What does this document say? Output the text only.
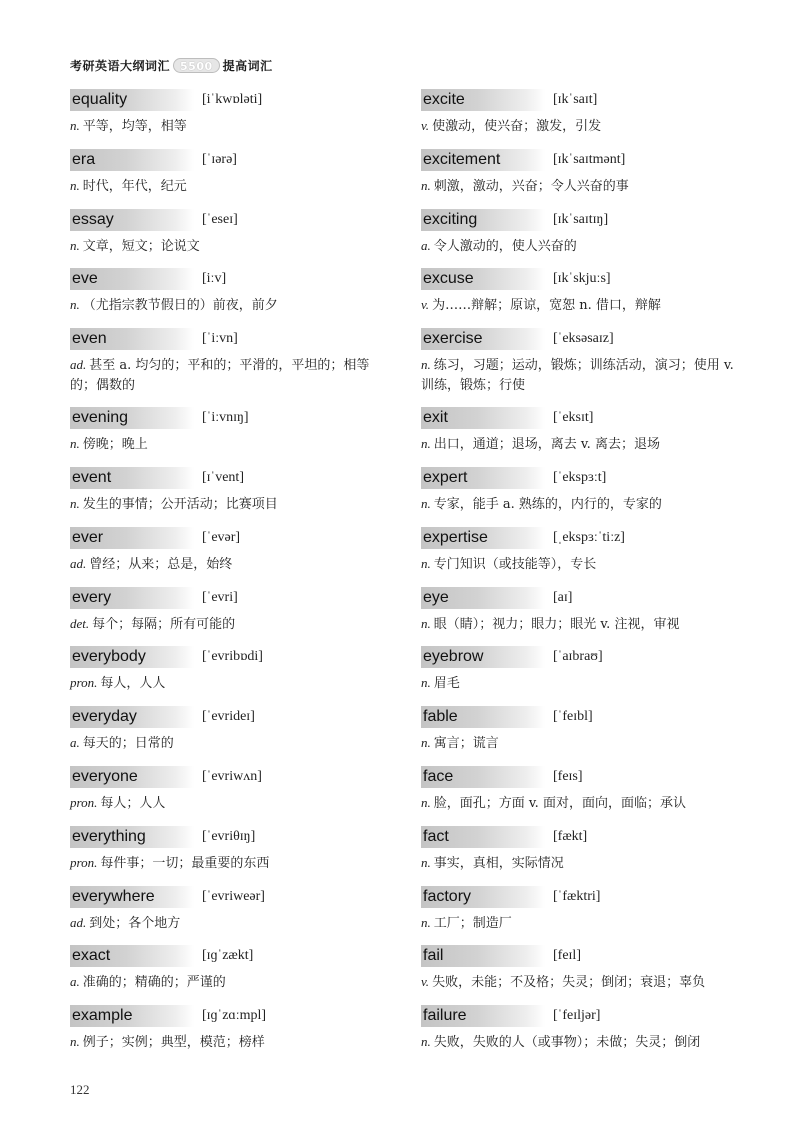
考研英语大纲词汇 5500 提高词汇
equality	[iˈkwɒləti]
n. 平等，均等，相等
era	[ˈɪərə]
n. 时代，年代，纪元
essay	[ˈeseɪ]
n. 文章，短文；论说文
eve	[iːv]
n. （尤指宗教节假日的）前夜，前夕
even	[ˈiːvn]
ad. 甚至 a. 均匀的；平和的；平滑的，平坦的；相等的；偶数的
evening	[ˈiːvnɪŋ]
n. 傍晚；晚上
event	[ɪˈvent]
n. 发生的事情；公开活动；比赛项目
ever	[ˈevər]
ad. 曾经；从来；总是，始终
every	[ˈevri]
det. 每个；每隔；所有可能的
everybody	[ˈevribɒdi]
pron. 每人，人人
everyday	[ˈevrideɪ]
a. 每天的；日常的
everyone	[ˈevriwʌn]
pron. 每人；人人
everything	[ˈevriθɪŋ]
pron. 每件事；一切；最重要的东西
everywhere	[ˈevriweər]
ad. 到处；各个地方
exact	[ɪɡˈzækt]
a. 准确的；精确的；严谨的
example	[ɪɡˈzɑːmpl]
n. 例子；实例；典型，模范；榜样
excite	[ɪkˈsaɪt]
v. 使激动，使兴奋；激发，引发
excitement	[ɪkˈsaɪtmənt]
n. 刺激，激动，兴奋；令人兴奋的事
exciting	[ɪkˈsaɪtɪŋ]
a. 令人激动的，使人兴奋的
excuse	[ɪkˈskjuːs]
v. 为……辩解；原谅，宽恕 n. 借口，辩解
exercise	[ˈeksəsaɪz]
n. 练习，习题；运动，锻炼；训练活动，演习；使用 v. 训练，锻炼；行使
exit	[ˈeksɪt]
n. 出口，通道；退场，离去 v. 离去；退场
expert	[ˈekspɜːt]
n. 专家，能手 a. 熟练的，内行的，专家的
expertise	[ˌekspɜːˈtiːz]
n. 专门知识（或技能等），专长
eye	[aɪ]
n. 眼（睛）；视力；眼力；眼光 v. 注视，审视
eyebrow	[ˈaɪbraʊ]
n. 眉毛
fable	[ˈfeɪbl]
n. 寓言；谎言
face	[feɪs]
n. 脸，面孔；方面 v. 面对，面向，面临；承认
fact	[fækt]
n. 事实，真相，实际情况
factory	[ˈfæktri]
n. 工厂；制造厂
fail	[feɪl]
v. 失败，未能；不及格；失灵；倒闭；衰退；辜负
failure	[ˈfeɪljər]
n. 失败，失败的人（或事物）；未做；失灵；倒闭
122
